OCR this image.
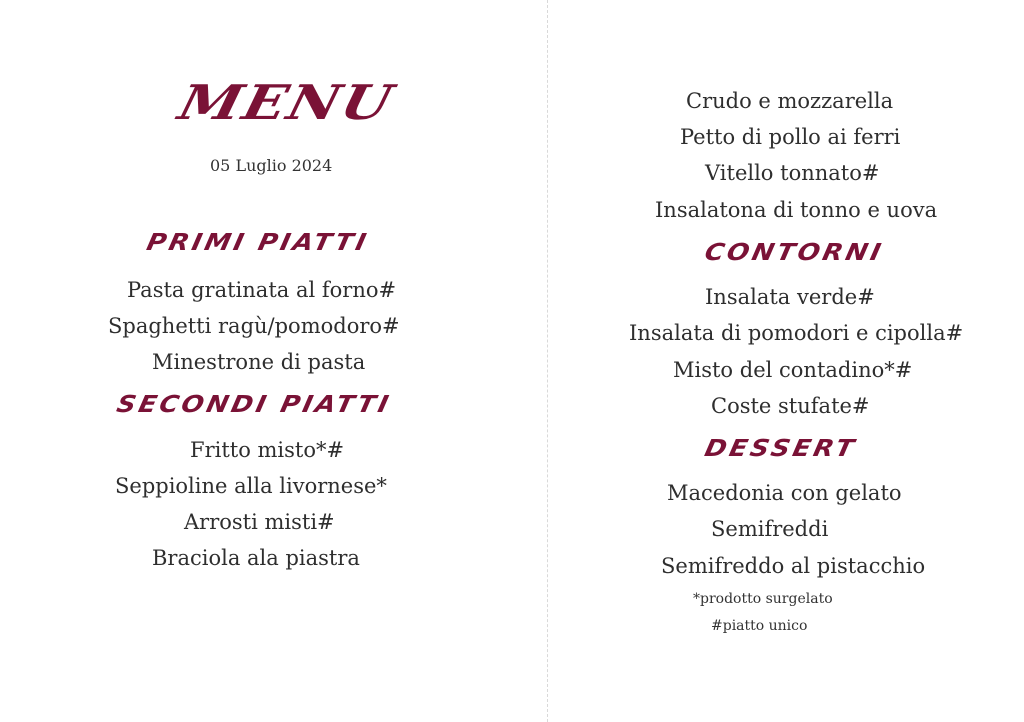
MENU
05 Luglio 2024
PRIMI PIATTI
Pasta gratinata al forno#
Spaghetti ragù/pomodoro#
Minestrone di pasta
SECONDI PIATTI
Fritto misto*#
Seppioline alla livornese*
Arrosti misti#
Braciola ala piastra
Crudo e mozzarella
Petto di pollo ai ferri
Vitello tonnato#
Insalatona di tonno e uova
CONTORNI
Insalata verde#
Insalata di pomodori e cipolla#
Misto del contadino*#
Coste stufate#
DESSERT
Macedonia con gelato
Semifreddi
Semifreddo al pistacchio
*prodotto surgelato
#piatto unico
